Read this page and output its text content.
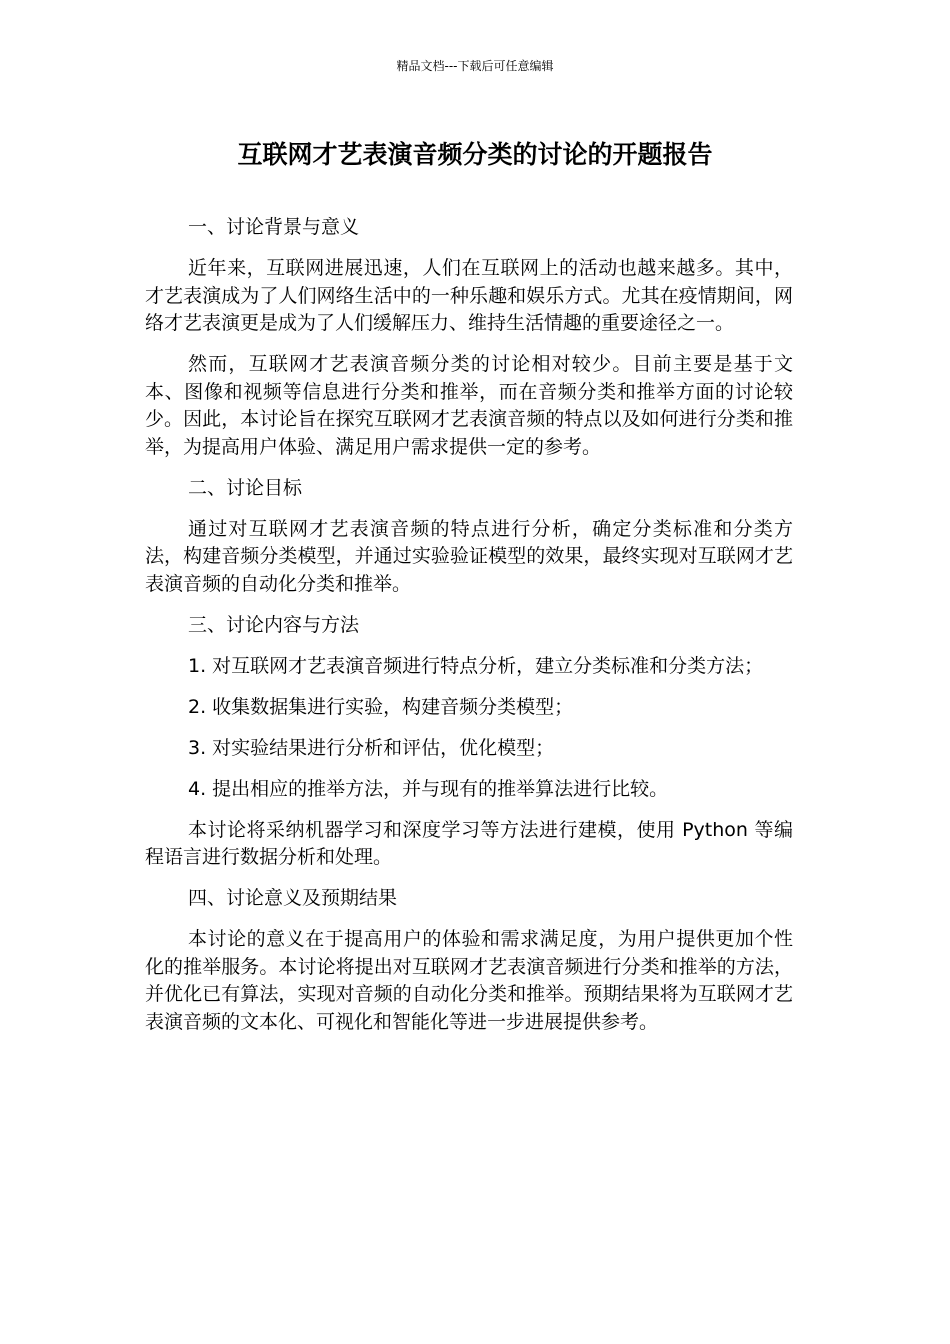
精品文档---下载后可任意编辑
互联网才艺表演音频分类的讨论的开题报告

一、讨论背景与意义

近年来，互联网进展迅速，人们在互联网上的活动也越来越多。其中，才艺表演成为了人们网络生活中的一种乐趣和娱乐方式。尤其在疫情期间，网络才艺表演更是成为了人们缓解压力、维持生活情趣的重要途径之一。

然而，互联网才艺表演音频分类的讨论相对较少。目前主要是基于文本、图像和视频等信息进行分类和推举，而在音频分类和推举方面的讨论较少。因此，本讨论旨在探究互联网才艺表演音频的特点以及如何进行分类和推举，为提高用户体验、满足用户需求提供一定的参考。

二、讨论目标

通过对互联网才艺表演音频的特点进行分析，确定分类标准和分类方法，构建音频分类模型，并通过实验验证模型的效果，最终实现对互联网才艺表演音频的自动化分类和推举。

三、讨论内容与方法

1. 对互联网才艺表演音频进行特点分析，建立分类标准和分类方法；

2. 收集数据集进行实验，构建音频分类模型；

3. 对实验结果进行分析和评估，优化模型；

4. 提出相应的推举方法，并与现有的推举算法进行比较。

本讨论将采纳机器学习和深度学习等方法进行建模，使用 Python 等编程语言进行数据分析和处理。

四、讨论意义及预期结果

本讨论的意义在于提高用户的体验和需求满足度，为用户提供更加个性化的推举服务。本讨论将提出对互联网才艺表演音频进行分类和推举的方法，并优化已有算法，实现对音频的自动化分类和推举。预期结果将为互联网才艺表演音频的文本化、可视化和智能化等进一步进展提供参考。
